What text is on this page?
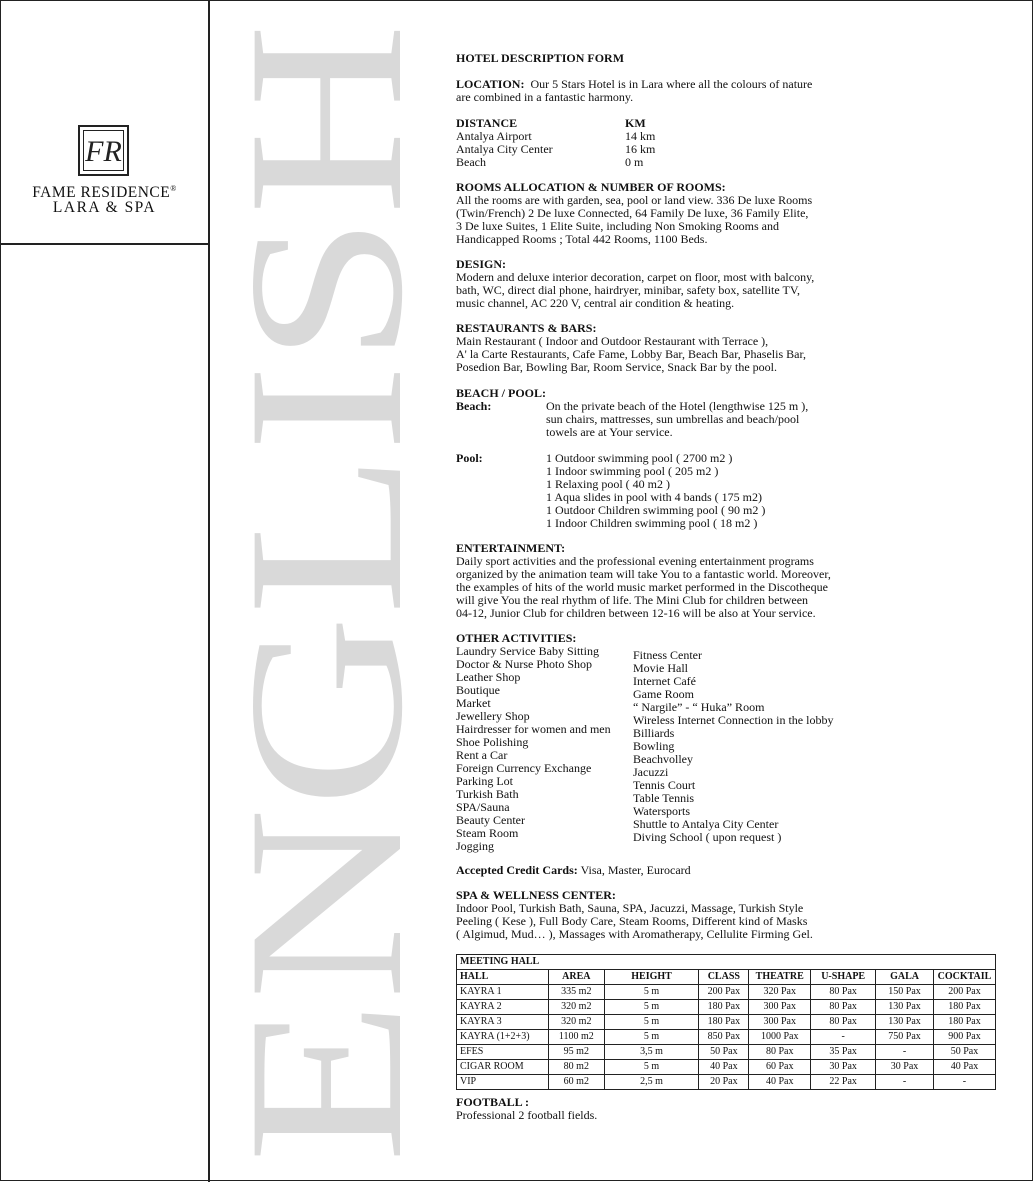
FR
FAME RESIDENCE®
LARA & SPA
ENGLISH
HOTEL DESCRIPTION FORM
LOCATION: Our 5 Stars Hotel is in Lara where all the colours of nature
are combined in a fantastic harmony.
DISTANCE	KM
Antalya Airport	14 km
Antalya City Center	16 km
Beach	0 m
ROOMS ALLOCATION & NUMBER OF ROOMS:
All the rooms are with garden, sea, pool or land view. 336 De luxe Rooms
(Twin/French) 2 De luxe Connected, 64 Family De luxe, 36 Family Elite,
3 De luxe Suites, 1 Elite Suite, including Non Smoking Rooms and
Handicapped Rooms ; Total 442 Rooms, 1100 Beds.
DESIGN:
Modern and deluxe interior decoration, carpet on floor, most with balcony,
bath, WC, direct dial phone, hairdryer, minibar, safety box, satellite TV,
music channel, AC 220 V, central air condition & heating.
RESTAURANTS & BARS:
Main Restaurant ( Indoor and Outdoor Restaurant with Terrace ),
A' la Carte Restaurants, Cafe Fame, Lobby Bar, Beach Bar, Phaselis Bar,
Posedion Bar, Bowling Bar, Room Service, Snack Bar by the pool.
BEACH / POOL:
Beach:	On the private beach of the Hotel (lengthwise 125 m ),
sun chairs, mattresses, sun umbrellas and beach/pool
towels are at Your service.
Pool:	1 Outdoor swimming pool ( 2700 m2 )
1 Indoor swimming pool ( 205 m2 )
1 Relaxing pool ( 40 m2 )
1 Aqua slides in pool with 4 bands ( 175 m2)
1 Outdoor Children swimming pool ( 90 m2 )
1 Indoor Children swimming pool ( 18 m2 )
ENTERTAINMENT:
Daily sport activities and the professional evening entertainment programs
organized by the animation team will take You to a fantastic world. Moreover,
the examples of hits of the world music market performed in the Discotheque
will give You the real rhythm of life. The Mini Club for children between
04-12, Junior Club for children between 12-16 will be also at Your service.
OTHER ACTIVITIES:
Laundry Service Baby Sitting
Doctor & Nurse Photo Shop
Leather Shop
Boutique
Market
Jewellery Shop
Hairdresser for women and men
Shoe Polishing
Rent a Car
Foreign Currency Exchange
Parking Lot
Turkish Bath
SPA/Sauna
Beauty Center
Steam Room
Jogging
Fitness Center
Movie Hall
Internet Café
Game Room
“ Nargile” - “ Huka” Room
Wireless Internet Connection in the lobby
Billiards
Bowling
Beachvolley
Jacuzzi
Tennis Court
Table Tennis
Watersports
Shuttle to Antalya City Center
Diving School ( upon request )
Accepted Credit Cards: Visa, Master, Eurocard
SPA & WELLNESS CENTER:
Indoor Pool, Turkish Bath, Sauna, SPA, Jacuzzi, Massage, Turkish Style
Peeling ( Kese ), Full Body Care, Steam Rooms, Different kind of Masks
( Algimud, Mud… ), Massages with Aromatherapy, Cellulite Firming Gel.
MEETING HALL							
HALL	AREA	HEIGHT	CLASS	THEATRE	U-SHAPE	GALA	COCKTAIL
KAYRA 1	335 m2	5 m	200 Pax	320 Pax	80 Pax	150 Pax	200 Pax
KAYRA 2	320 m2	5 m	180 Pax	300 Pax	80 Pax	130 Pax	180 Pax
KAYRA 3	320 m2	5 m	180 Pax	300 Pax	80 Pax	130 Pax	180 Pax
KAYRA (1+2+3)	1100 m2	5 m	850 Pax	1000 Pax	-	750 Pax	900 Pax
EFES	95 m2	3,5 m	50 Pax	80 Pax	35 Pax	-	50 Pax
CIGAR ROOM	80 m2	5 m	40 Pax	60 Pax	30 Pax	30 Pax	40 Pax
VIP	60 m2	2,5 m	20 Pax	40 Pax	22 Pax	-	-
FOOTBALL :
Professional 2 football fields.
